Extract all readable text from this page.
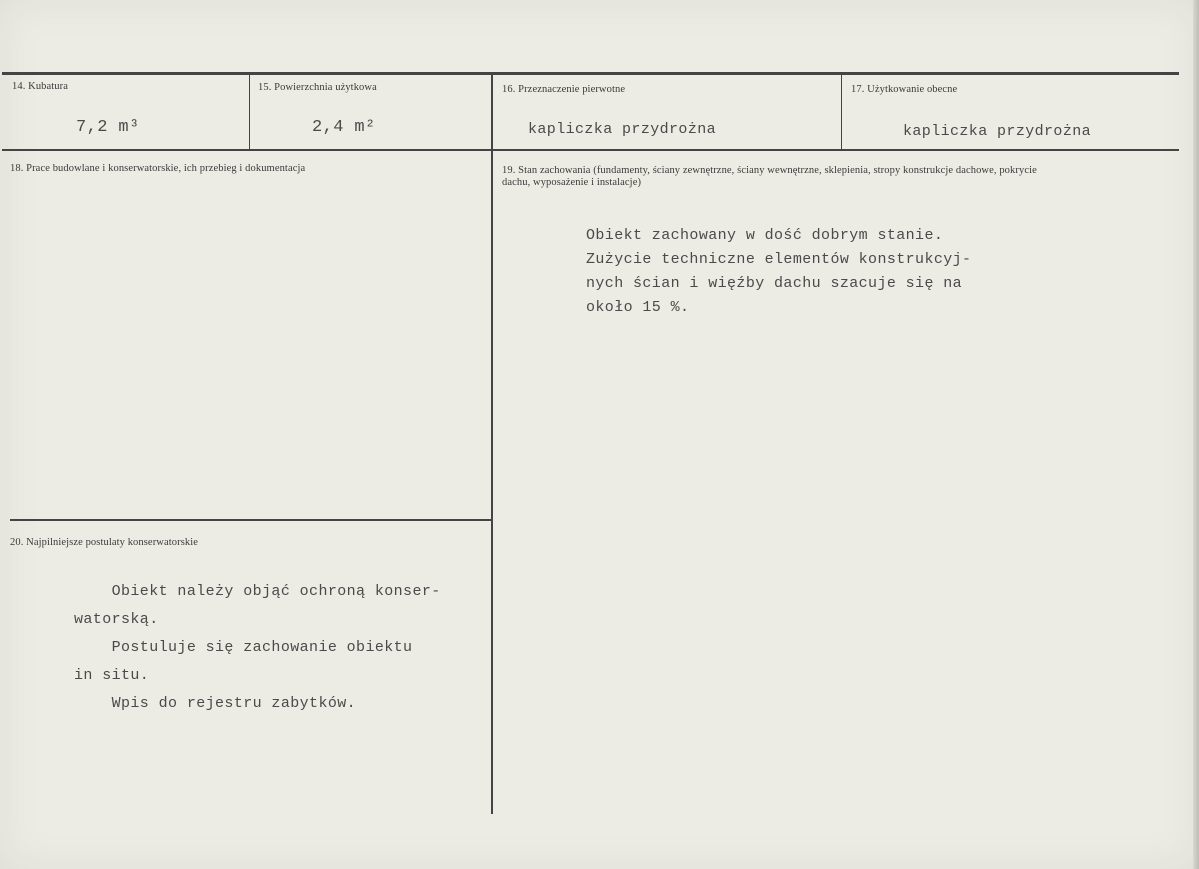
14. Kubatura	15. Powierzchnia użytkowa	16. Przeznaczenie pierwotne	17. Użytkowanie obecne
7,2 m³	2,4 m²	kapliczka przydrożna	kapliczka przydrożna
18. Prace budowlane i konserwatorskie, ich przebieg i dokumentacja	19. Stan zachowania (fundamenty, ściany zewnętrzne, ściany wewnętrzne, sklepienia, stropy konstrukcje dachowe, pokrycie dachu, wyposażenie i instalacje)
Obiekt zachowany w dość dobrym stanie.
Zużycie techniczne elementów konstrukcyj-
nych ścian i więźby dachu szacuje się na
około 15 %.
20. Najpilniejsze postulaty konserwatorskie
Obiekt należy objąć ochroną konser-
watorską.
Postuluje się zachowanie obiektu
in situ.
Wpis do rejestru zabytków.
